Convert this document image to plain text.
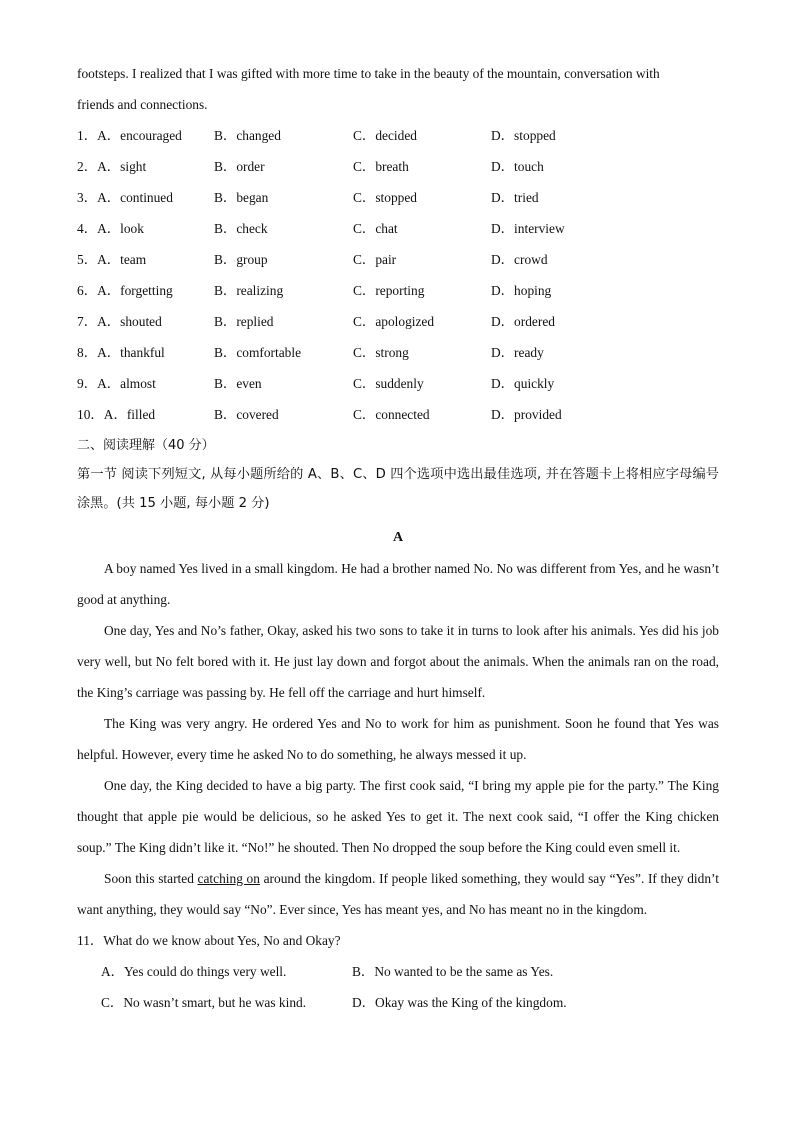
footsteps. I realized that I was gifted with more time to take in the beauty of the mountain, conversation with

friends and connections.

1．A．encouraged B．changed	C．decided	D．stopped
2．A．sight	B．order	C．breath	D．touch
3．A．continued	B．began	C．stopped	D．tried
4．A．look	B．check	C．chat	D．interview
5．A．team	B．group	C．pair	D．crowd
6．A．forgetting	B．realizing	C．reporting	D．hoping
7．A．shouted	B．replied	C．apologized	D．ordered
8．A．thankful	B．comfortable	C．strong	D．ready
9．A．almost	B．even	C．suddenly	D．quickly
10．A．filled	B．covered	C．connected	D．provided

二、阅读理解（40 分）

第一节 阅读下列短文, 从每小题所给的 A、B、C、D 四个选项中选出最佳选项, 并在答题卡上将相应字母编号涂黑。(共 15 小题, 每小题 2 分)

A

A boy named Yes lived in a small kingdom. He had a brother named No. No was different from Yes, and he wasn’t good at anything.

One day, Yes and No’s father, Okay, asked his two sons to take it in turns to look after his animals. Yes did his job very well, but No felt bored with it. He just lay down and forgot about the animals. When the animals ran on the road, the King’s carriage was passing by. He fell off the carriage and hurt himself.

The King was very angry. He ordered Yes and No to work for him as punishment. Soon he found that Yes was helpful. However, every time he asked No to do something, he always messed it up.

One day, the King decided to have a big party. The first cook said, “I bring my apple pie for the party.” The King thought that apple pie would be delicious, so he asked Yes to get it. The next cook said, “I offer the King chicken soup.” The King didn’t like it. “No!” he shouted. Then No dropped the soup before the King could even smell it.

Soon this started catching on around the kingdom. If people liked something, they would say “Yes”. If they didn’t want anything, they would say “No”. Ever since, Yes has meant yes, and No has meant no in the kingdom.

11．What do we know about Yes, No and Okay?

A．Yes could do things very well.	B．No wanted to be the same as Yes.
C．No wasn’t smart, but he was kind.	D．Okay was the King of the kingdom.
